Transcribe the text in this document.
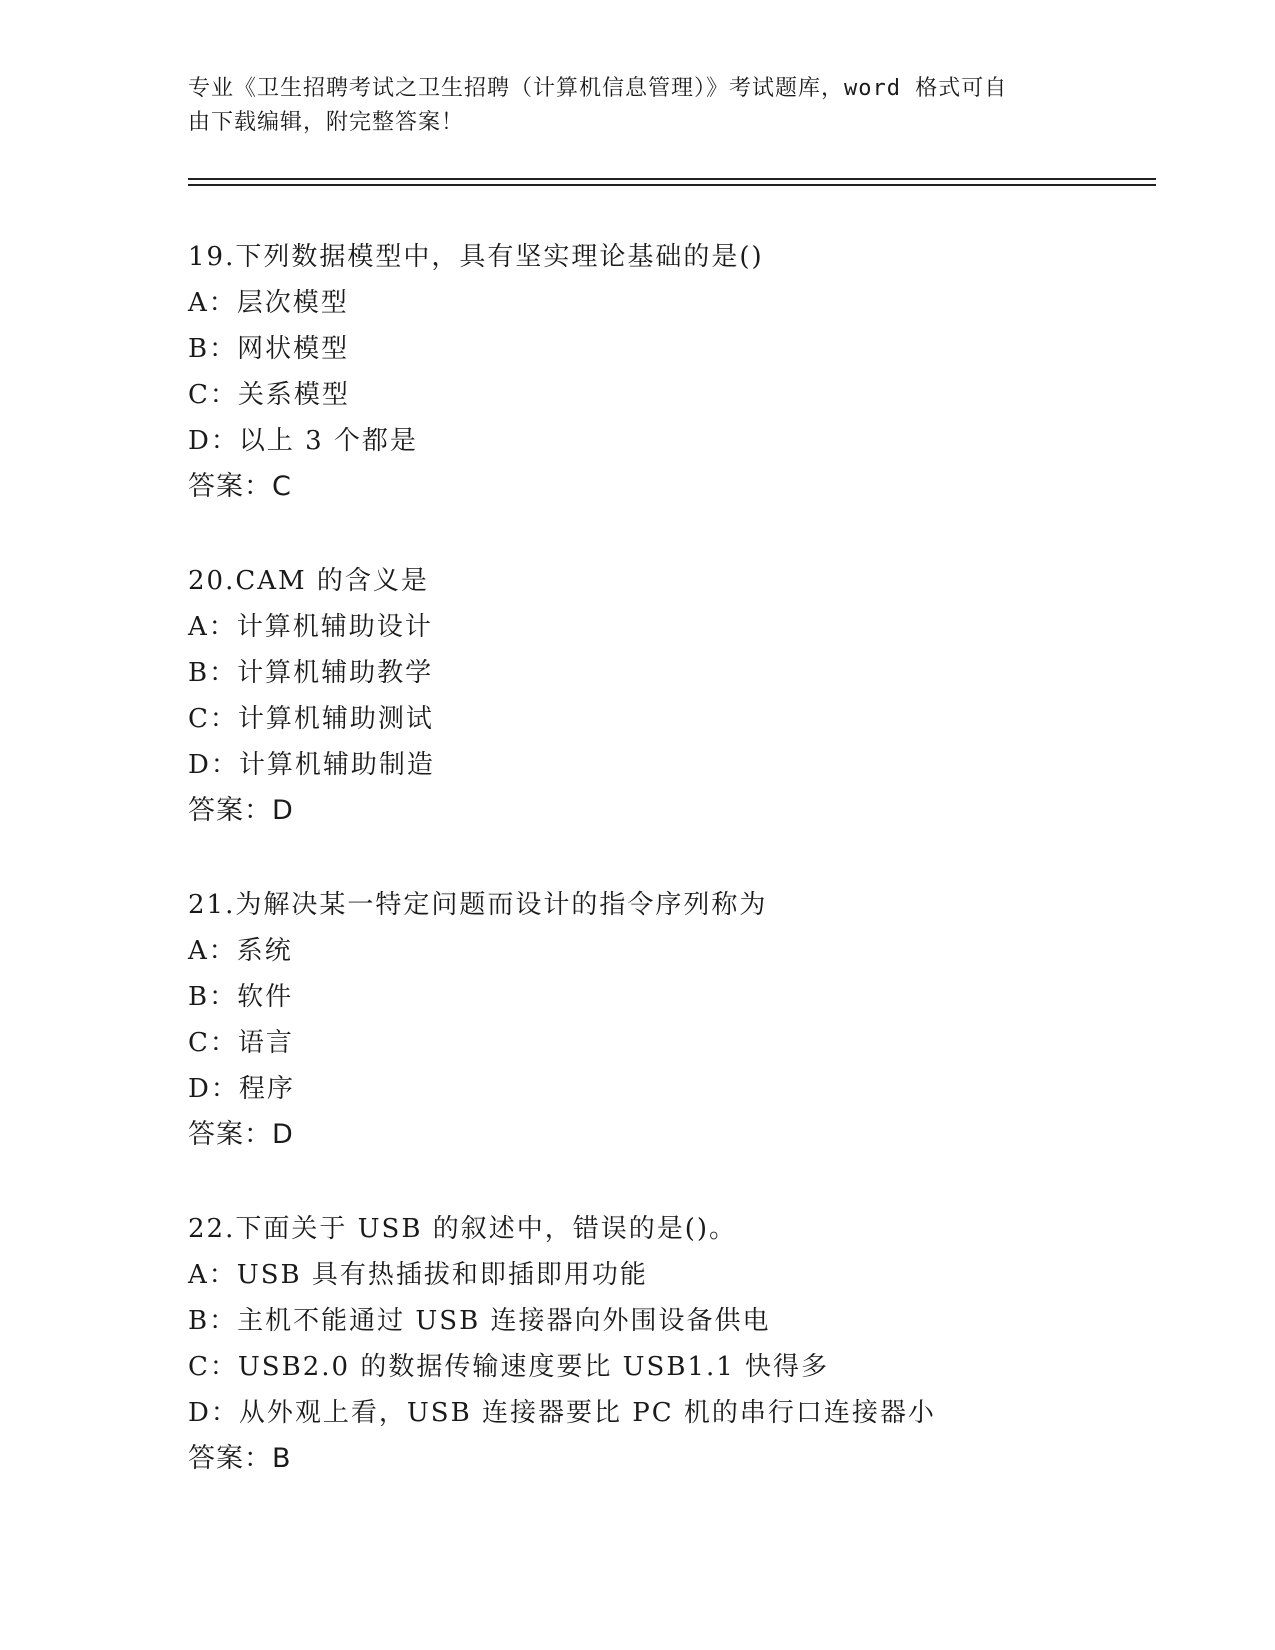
专业《卫生招聘考试之卫生招聘（计算机信息管理）》考试题库，word 格式可自
由下载编辑，附完整答案！
19.下列数据模型中，具有坚实理论基础的是()
A：层次模型
B：网状模型
C：关系模型
D：以上 3 个都是
答案：C
20.CAM 的含义是
A：计算机辅助设计
B：计算机辅助教学
C：计算机辅助测试
D：计算机辅助制造
答案：D
21.为解决某一特定问题而设计的指令序列称为
A：系统
B：软件
C：语言
D：程序
答案：D
22.下面关于 USB 的叙述中，错误的是()。
A：USB 具有热插拔和即插即用功能
B：主机不能通过 USB 连接器向外围设备供电
C：USB2.0 的数据传输速度要比 USB1.1 快得多
D：从外观上看，USB 连接器要比 PC 机的串行口连接器小
答案：B
